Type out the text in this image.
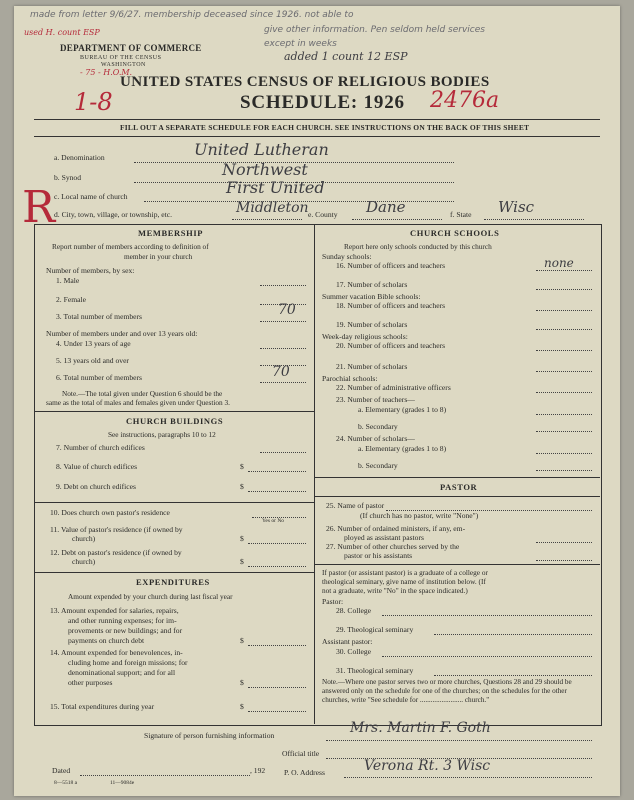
made from letter 9/6/27. membership deceased since 1926. not able to
give other information. Pen seldom held services
except in weeks
added 1 count 12 ESP
used H. count ESP
- 75 - H.O.M.
DEPARTMENT OF COMMERCE
BUREAU OF THE CENSUS
WASHINGTON
UNITED STATES CENSUS OF RELIGIOUS BODIES
SCHEDULE: 1926
1-8	2476a
FILL OUT A SEPARATE SCHEDULE FOR EACH CHURCH. SEE INSTRUCTIONS ON THE BACK OF THIS SHEET
R
a. Denomination	United Lutheran
b. Synod	Northwest
c. Local name of church	First United
d. City, town, village, or township, etc.	Middleton e. County Dane	f. State Wisc
MEMBERSHIP
Report number of members according to definition of
member in your church
Number of members, by sex:
1. Male
2. Female
3. Total number of members	70
Number of members under and over 13 years old:
4. Under 13 years of age
5. 13 years old and over
6. Total number of members	70
Note.—The total given under Question 6 should be the
same as the total of males and females given under Question 3.
CHURCH BUILDINGS
See instructions, paragraphs 10 to 12
7. Number of church edifices
8. Value of church edifices	$
9. Debt on church edifices	$
10. Does church own pastor's residence
Yes or No
11. Value of pastor's residence (if owned by
church)	$
12. Debt on pastor's residence (if owned by
church)	$
EXPENDITURES
Amount expended by your church during last fiscal year
13. Amount expended for salaries, repairs,
and other running expenses; for im-
provements or new buildings; and for
payments on church debt	$
14. Amount expended for benevolences, in-
cluding home and foreign missions; for
denominational support; and for all
other purposes	$
15. Total expenditures during year	$
CHURCH SCHOOLS
Report here only schools conducted by this church
Sunday schools:
16. Number of officers and teachers	none
17. Number of scholars
Summer vacation Bible schools:
18. Number of officers and teachers
19. Number of scholars
Week-day religious schools:
20. Number of officers and teachers
21. Number of scholars
Parochial schools:
22. Number of administrative officers
23. Number of teachers—
a. Elementary (grades 1 to 8)
b. Secondary
24. Number of scholars—
a. Elementary (grades 1 to 8)
b. Secondary
PASTOR
25. Name of pastor
(If church has no pastor, write "None")
26. Number of ordained ministers, if any, em-
ployed as assistant pastors
27. Number of other churches served by the
pastor or his assistants
If pastor (or assistant pastor) is a graduate of a college or
theological seminary, give name of institution below. (If
not a graduate, write "No" in the space indicated.)
Pastor:
28. College
29. Theological seminary
Assistant pastor:
30. College
31. Theological seminary
Note.—Where one pastor serves two or more churches, Questions 28 and 29 should be answered only on the schedule for one of the churches; on the schedules for the other churches, write "See schedule for ........................ church."
Signature of person furnishing information	Mrs. Martin F. Goth
Official title
Dated	, 192 P. O. Address	Verona Rt. 3 Wisc
8—5518 a	11—9084e
